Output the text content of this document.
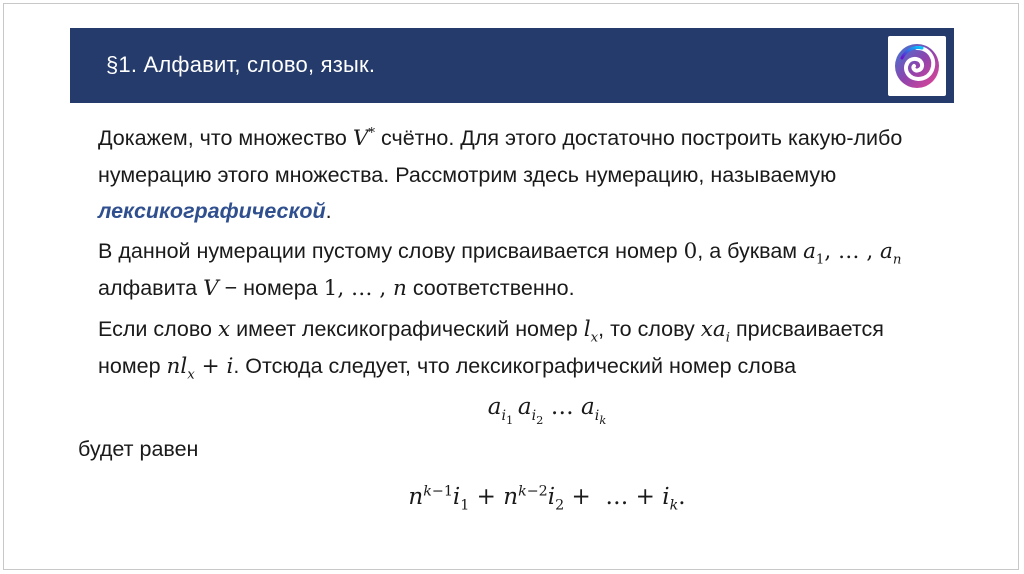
§1. Алфавит, слово, язык.

Докажем, что множество V* счётно. Для этого достаточно построить какую-либо нумерацию этого множества. Рассмотрим здесь нумерацию, называемую лексикографической.

В данной нумерации пустому слову присваивается номер 0, а буквам $a_1$, … , $a_n$ алфавита V − номера 1, … , n соответственно.

Если слово x имеет лексикографический номер $l_x$, то слову $xa_i$ присваивается номер $nl_x + i$. Отсюда следует, что лексикографический номер слова

$a_{i_1}$ $a_{i_2}$ … $a_{i_k}$
будет равен
$n^{k-1}i_1 + n^{k-2}i_2$ +  … + $i_k$.
